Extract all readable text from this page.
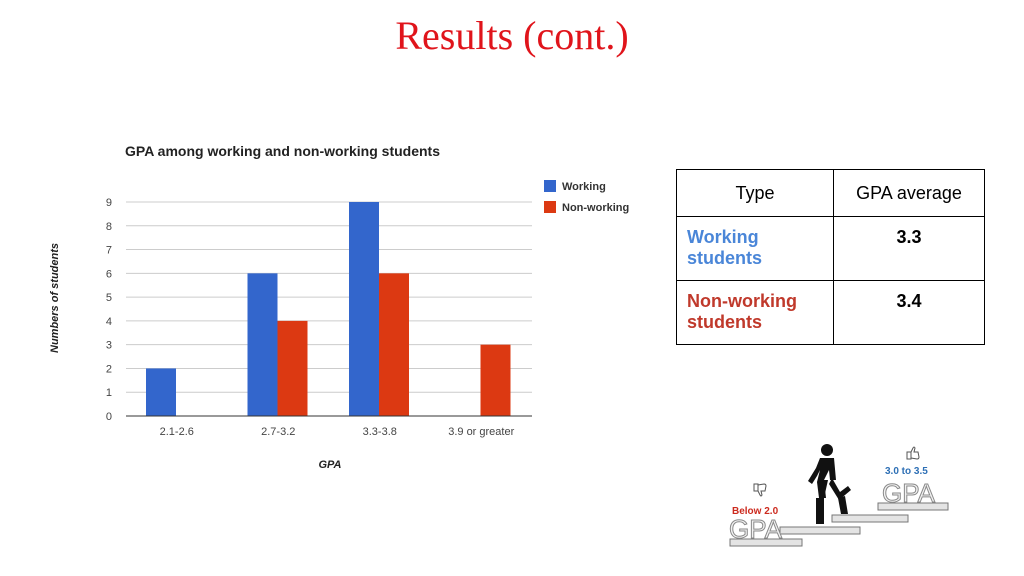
Results (cont.)
GPA among working and non-working students
0
1
2
3
4
5
6
7
8
9
2.1-2.6	2.7-3.2	3.3-3.8	3.9 or greater
GPA
Numbers of students
Working
Non-working
Type	GPA average
Working students	3.3
Non-working students	3.4
Below 2.0
GPA
3.0 to 3.5
GPA
